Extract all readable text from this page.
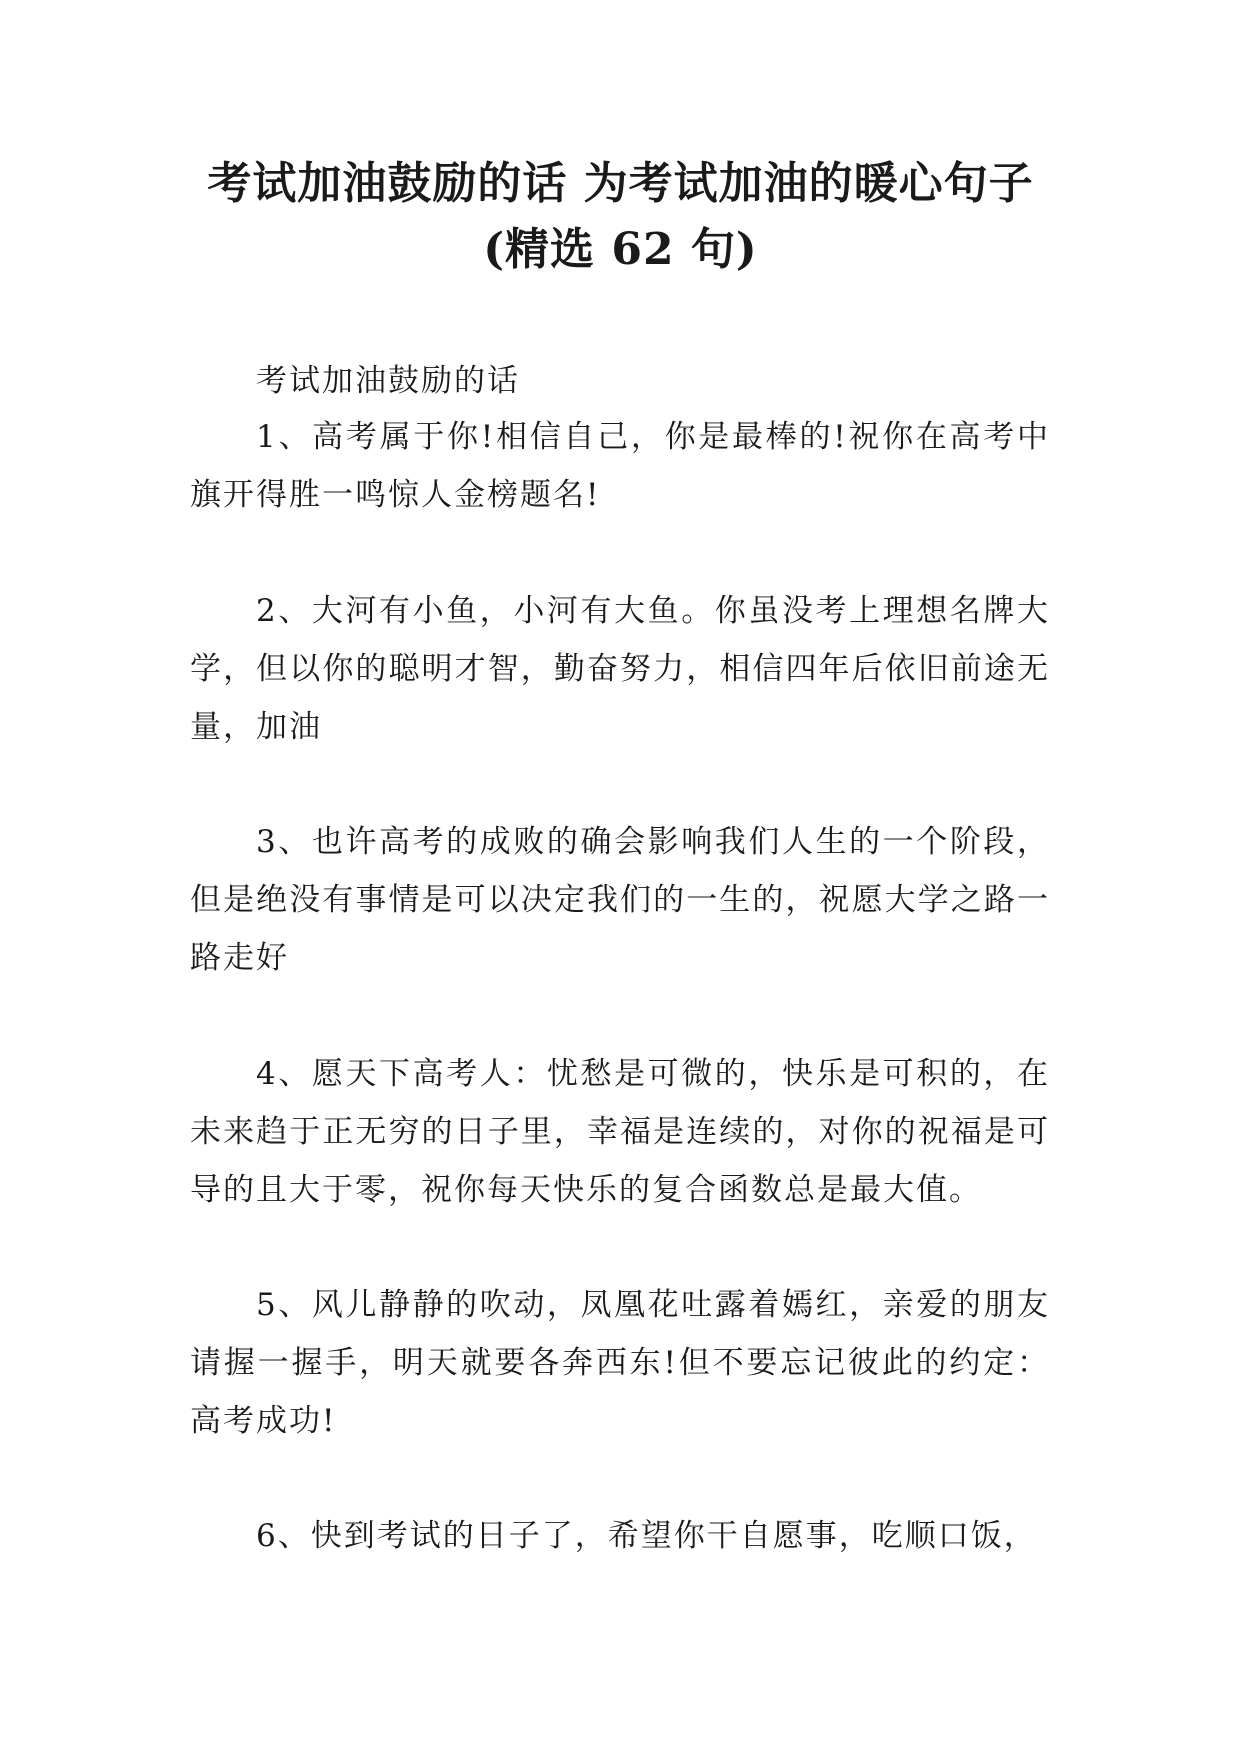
考试加油鼓励的话 为考试加油的暖心句子
(精选 62 句)
考试加油鼓励的话
1、高考属于你!相信自己，你是最棒的!祝你在高考中旗开得胜一鸣惊人金榜题名!
2、大河有小鱼，小河有大鱼。你虽没考上理想名牌大学，但以你的聪明才智，勤奋努力，相信四年后依旧前途无量，加油
3、也许高考的成败的确会影响我们人生的一个阶段，但是绝没有事情是可以决定我们的一生的，祝愿大学之路一路走好
4、愿天下高考人：忧愁是可微的，快乐是可积的，在未来趋于正无穷的日子里，幸福是连续的，对你的祝福是可导的且大于零，祝你每天快乐的复合函数总是最大值。
5、风儿静静的吹动，凤凰花吐露着嫣红，亲爱的朋友请握一握手，明天就要各奔西东!但不要忘记彼此的约定：高考成功!
6、快到考试的日子了，希望你干自愿事，吃顺口饭，
